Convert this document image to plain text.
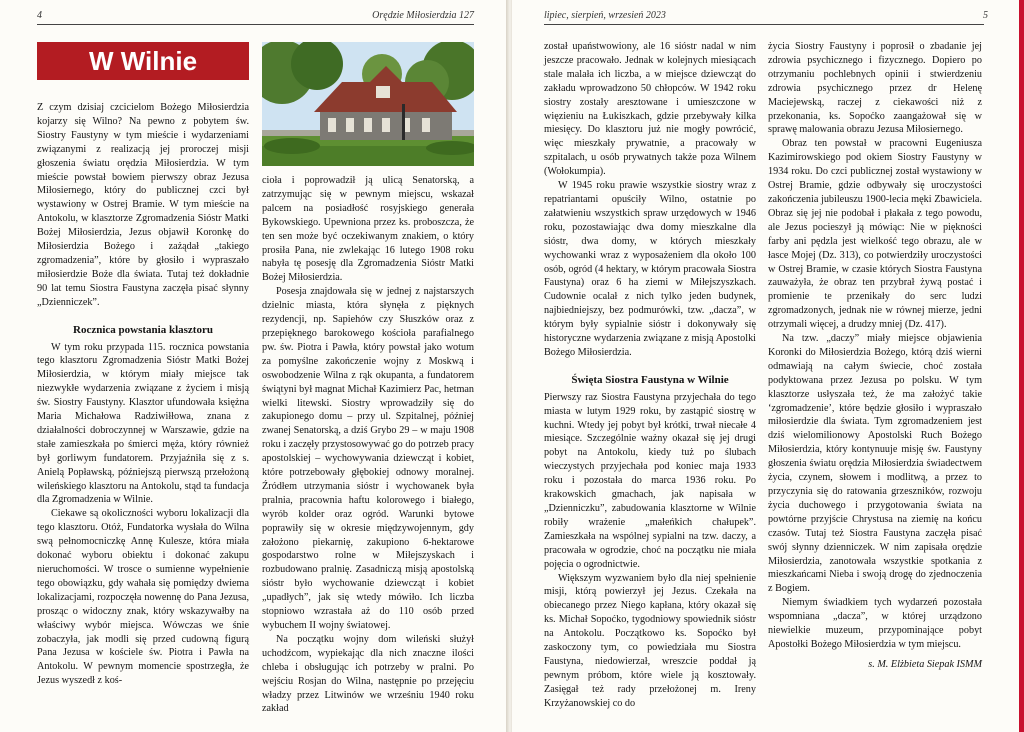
4	Orędzie Miłosierdzia 127
W Wilnie

Z czym dzisiaj czcicielom Bożego Miłosierdzia kojarzy się Wilno? Na pewno z pobytem św. Siostry Faustyny w tym mieście i wydarzeniami związanymi z realizacją jej proroczej misji głoszenia światu orędzia Miłosierdzia. W tym mieście powstał bowiem pierwszy obraz Jezusa Miłosiernego, który do publicznej czci był wystawiony w Ostrej Bramie. W tym mieście na Antokolu, w klasztorze Zgromadzenia Sióstr Matki Bożej Miłosierdzia, Jezus objawił Koronkę do Miłosierdzia Bożego i zażądał „takiego zgromadzenia”, które by głosiło i wypraszało miłosierdzie Boże dla świata. Tutaj też dokładnie 90 lat temu Siostra Faustyna zaczęła pisać słynny „Dzienniczek”.

Rocznica powstania klasztoru

W tym roku przypada 115. rocznica powstania tego klasztoru Zgromadzenia Sióstr Matki Bożej Miłosierdzia, w którym miały miejsce tak niezwykłe wydarzenia związane z życiem i misją św. Siostry Faustyny. Klasztor ufundowała księżna Maria Michałowa Radziwiłłowa, znana z działalności dobroczynnej w Warszawie, gdzie na stałe zamieszkała po śmierci męża, który również był gorliwym fundatorem. Przyjaźniła się z s. Anielą Popławską, późniejszą pierwszą przełożoną wileńskiego klasztoru na Antokolu, stąd ta fundacja dla Zgromadzenia w Wilnie.

Ciekawe są okoliczności wyboru lokalizacji dla tego klasztoru. Otóż, Fundatorka wysłała do Wilna swą pełnomocniczkę Annę Kulesze, która miała dokonać wyboru obiektu i dokonać zakupu nieruchomości. W trosce o sumienne wypełnienie tego obowiązku, gdy wahała się pomiędzy dwiema lokalizacjami, rozpoczęła nowennę do Pana Jezusa, prosząc o widoczny znak, który wskazywałby na właściwy wybór miejsca. Wówczas we śnie zobaczyła, jak modli się przed cudowną figurą Pana Jezusa w kościele św. Piotra i Pawła na Antokolu. W pewnym momencie spostrzegła, że Jezus wyszedł z koś-

cioła i poprowadził ją ulicą Senatorską, a zatrzymując się w pewnym miejscu, wskazał palcem na posiadłość rosyjskiego generała Bykowskiego. Upewniona przez ks. proboszcza, że ten sen może być oczekiwanym znakiem, o który prosiła Pana, nie zwlekając 16 lutego 1908 roku nabyła tę posesję dla Zgromadzenia Sióstr Matki Bożej Miłosierdzia.

Posesja znajdowała się w jednej z najstarszych dzielnic miasta, która słynęła z pięknych rezydencji, np. Sapiehów czy Słuszków oraz z przepięknego barokowego kościoła parafialnego pw. św. Piotra i Pawła, który powstał jako wotum za pomyślne zakończenie wojny z Moskwą i oswobodzenie Wilna z rąk okupanta, a fundatorem świątyni był magnat Michał Kazimierz Pac, hetman wielki litewski. Siostry wprowadziły się do zakupionego domu – przy ul. Szpitalnej, później zwanej Senatorską, a dziś Grybo 29 – w maju 1908 roku i zaczęły przystosowywać go do potrzeb pracy apostolskiej – wychowywania dziewcząt i kobiet, które potrzebowały głębokiej odnowy moralnej. Źródłem utrzymania sióstr i wychowanek była pralnia, pracownia haftu kolorowego i białego, wyrób kolder oraz ogród. Warunki bytowe poprawiły się w okresie międzywojennym, gdy założono piekarnię, zakupiono 6-hektarowe gospodarstwo rolne w Miłejszyskach i rozbudowano pralnię. Zasadniczą misją apostolską sióstr było wychowanie dziewcząt i kobiet „upadłych”, jak się wtedy mówiło. Ich liczba stopniowo wzrastała aż do 110 osób przed wybuchem II wojny światowej.

Na początku wojny dom wileński służył uchodźcom, wypiekając dla nich znaczne ilości chleba i obsługując ich potrzeby w pralni. Po wejściu Rosjan do Wilna, następnie po przejęciu władzy przez Litwinów we wrześniu 1940 roku zakład

lipiec, sierpień, wrzesień 2023	5

został upaństwowiony, ale 16 sióstr nadal w nim jeszcze pracowało. Jednak w kolejnych miesiącach stale malała ich liczba, a w miejsce dziewcząt do zakładu wprowadzono 50 chłopców. W 1942 roku siostry zostały aresztowane i umieszczone w więzieniu na Łukiszkach, gdzie przebywały kilka miesięcy. Do klasztoru już nie mogły powrócić, więc mieszkały prywatnie, a pracowały w szpitalach, u osób prywatnych także poza Wilnem (Wołokumpia).

W 1945 roku prawie wszystkie siostry wraz z repatriantami opuściły Wilno, ostatnie po załatwieniu wszystkich spraw urzędowych w 1946 roku, pozostawiając dwa domy mieszkalne dla sióstr, dwa domy, w których mieszkały wychowanki wraz z wyposażeniem dla około 100 osób, ogród (4 hektary, w którym pracowała Siostra Faustyna) oraz 6 ha ziemi w Miłejszyszkach. Cudownie ocalał z nich tylko jeden budynek, najbiedniejszy, bez podmurówki, tzw. „dacza”, w którym były sypialnie sióstr i dokonywały się historyczne wydarzenia związane z misją Apostolki Bożego Miłosierdzia.

Święta Siostra Faustyna w Wilnie

Pierwszy raz Siostra Faustyna przyjechała do tego miasta w lutym 1929 roku, by zastąpić siostrę w kuchni. Wtedy jej pobyt był krótki, trwał niecałe 4 miesiące. Szczególnie ważny okazał się jej drugi pobyt na Antokolu, kiedy tuż po ślubach wieczystych przyjechała pod koniec maja 1933 roku i pozostała do marca 1936 roku. Po krakowskich gmachach, jak napisała w „Dzienniczku”, zabudowania klasztorne w Wilnie robiły wrażenie „małeńkich chałupek”. Zamieszkała na wspólnej sypialni na tzw. daczy, a pracowała w ogrodzie, choć na początku nie miała pojęcia o ogrodnictwie.

Większym wyzwaniem było dla niej spełnienie misji, którą powierzył jej Jezus. Czekała na obiecanego przez Niego kapłana, który okazał się ks. Michał Sopoćko, tygodniowy spowiednik sióstr na Antokolu. Początkowo ks. Sopoćko był zaskoczony tym, co powiedziała mu Siostra Faustyna, niedowierzał, wreszcie poddał ją pewnym próbom, które wiele ją kosztowały. Zasięgał też rady przełożonej m. Ireny Krzyżanowskiej co do

życia Siostry Faustyny i poprosił o zbadanie jej zdrowia psychicznego i fizycznego. Dopiero po otrzymaniu pochlebnych opinii i stwierdzeniu zdrowia psychicznego przez dr Helenę Maciejewską, raczej z ciekawości niż z przekonania, ks. Sopoćko zaangażował się w sprawę malowania obrazu Jezusa Miłosiernego.

Obraz ten powstał w pracowni Eugeniusza Kazimirowskiego pod okiem Siostry Faustyny w 1934 roku. Do czci publicznej został wystawiony w Ostrej Bramie, gdzie odbywały się uroczystości zakończenia jubileuszu 1900-lecia męki Zbawiciela. Obraz się jej nie podobał i płakała z tego powodu, ale Jezus pocieszył ją mówiąc: Nie w piękności farby ani pędzla jest wielkość tego obrazu, ale w łasce Mojej (Dz. 313), co potwierdziły uroczystości w Ostrej Bramie, w czasie których Siostra Faustyna zauważyła, że obraz ten przybrał żywą postać i promienie te przenikały do serc ludzi zgromadzonych, jednak nie w równej mierze, jedni otrzymali więcej, a drudzy mniej (Dz. 417).

Na tzw. „daczy” miały miejsce objawienia Koronki do Miłosierdzia Bożego, którą dziś wierni odmawiają na całym świecie, choć została podyktowana przez Jezusa po polsku. W tym klasztorze usłyszała też, że ma założyć takie ‘zgromadzenie’, które będzie głosiło i wypraszało miłosierdzie dla świata. Tym zgromadzeniem jest dziś wielomilionowy Apostolski Ruch Bożego Miłosierdzia, który kontynuuje misję św. Faustyny głoszenia światu orędzia Miłosierdzia świadectwem życia, czynem, słowem i modlitwą, a przez to przyczynia się do ratowania grzeszników, rozwoju życia duchowego i przygotowania świata na powtórne przyjście Chrystusa na ziemię na końcu czasów. Tutaj też Siostra Faustyna zaczęła pisać swój słynny dzienniczek. W nim zapisała orędzie Miłosierdzia, zanotowała wszystkie spotkania z mieszkańcami Nieba i swoją drogę do zjednoczenia z Bogiem.

Niemym świadkiem tych wydarzeń pozostała wspomniana „dacza”, w której urządzono niewielkie muzeum, przypominające pobyt Apostołki Bożego Miłosierdzia w tym miejscu.

s. M. Elżbieta Siepak ISMM
